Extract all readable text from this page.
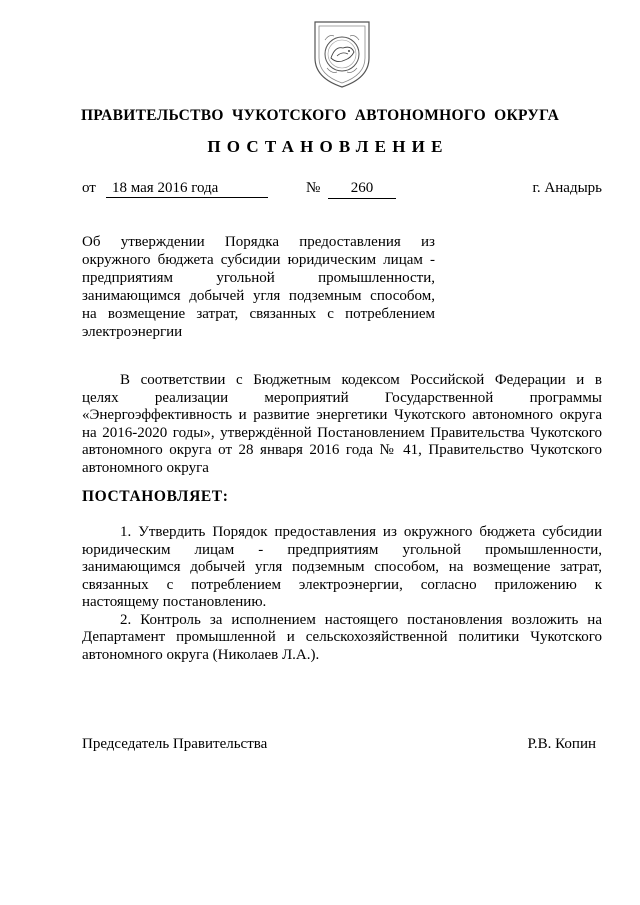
ПРАВИТЕЛЬСТВО ЧУКОТСКОГО АВТОНОМНОГО ОКРУГА
ПОСТАНОВЛЕНИЕ
от	18 мая 2016 года	№	260	г. Анадырь
Об утверждении Порядка предоставления из
окружного бюджета субсидии юридическим лицам -
предприятиям угольной промышленности,
занимающимся добычей угля подземным способом,
на возмещение затрат, связанных с потреблением
электроэнергии
В соответствии с Бюджетным кодексом Российской Федерации и в
целях реализации мероприятий Государственной программы
«Энергоэффективность и развитие энергетики Чукотского автономного округа
на 2016-2020 годы», утверждённой Постановлением Правительства Чукотского
автономного округа от 28 января 2016 года № 41, Правительство Чукотского
автономного округа
ПОСТАНОВЛЯЕТ:
1. Утвердить Порядок предоставления из окружного бюджета субсидии
юридическим лицам - предприятиям угольной промышленности,
занимающимся добычей угля подземным способом, на возмещение затрат,
связанных с потреблением электроэнергии, согласно приложению к
настоящему постановлению.
2. Контроль за исполнением настоящего постановления возложить на
Департамент промышленной и сельскохозяйственной политики Чукотского
автономного округа (Николаев Л.А.).
Председатель Правительства	Р.В. Копин
